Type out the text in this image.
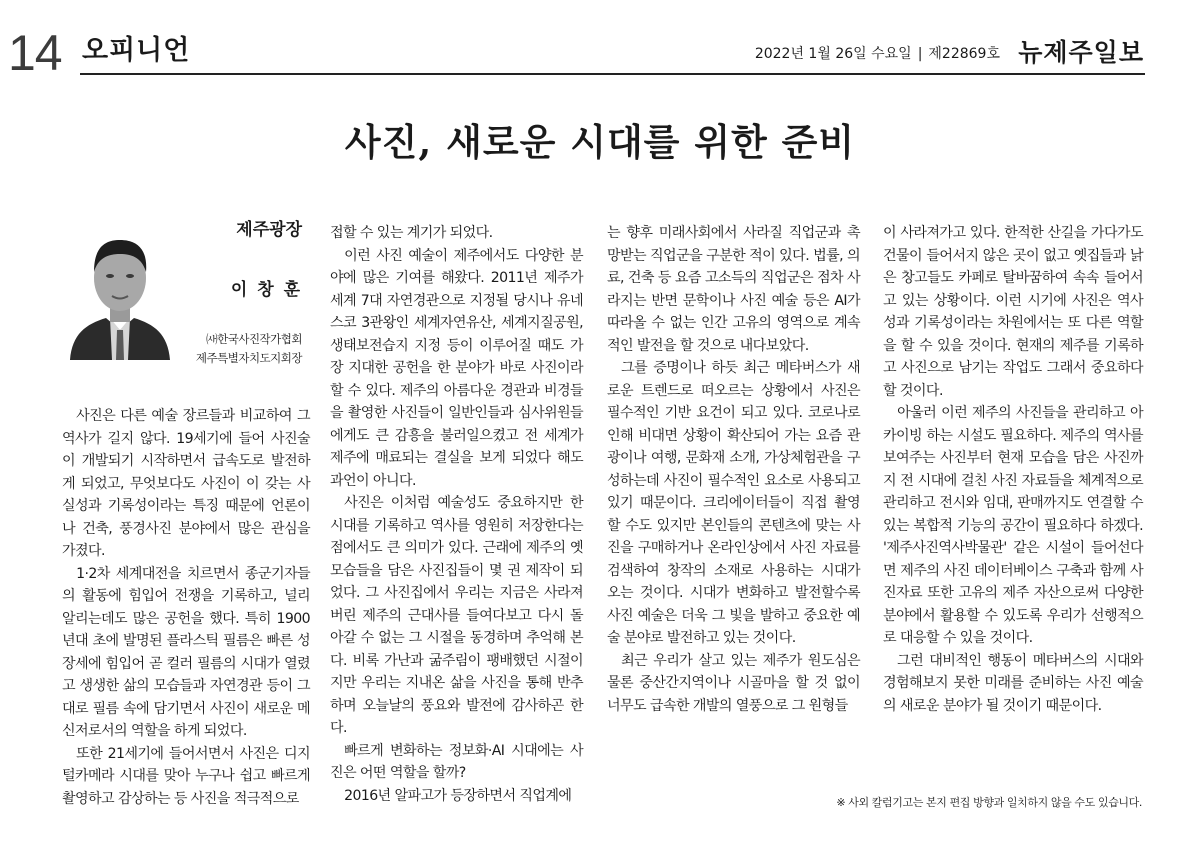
14 오피니언	2022년 1월 26일 수요일 | 제22869호 뉴제주일보
사진, 새로운 시대를 위한 준비
제주광장
이 창 훈
㈔한국사진작가협회
제주특별자치도지회장

사진은 다른 예술 장르들과 비교하여 그 역사가 길지 않다. 19세기에 들어 사진술이 개발되기 시작하면서 급속도로 발전하게 되었고, 무엇보다도 사진이 이 갖는 사실성과 기록성이라는 특징 때문에 언론이나 건축, 풍경사진 분야에서 많은 관심을 가졌다.

1·2차 세계대전을 치르면서 종군기자들의 활동에 힘입어 전쟁을 기록하고, 널리 알리는데도 많은 공헌을 했다. 특히 1900년대 초에 발명된 플라스틱 필름은 빠른 성장세에 힘입어 곧 컬러 필름의 시대가 열렸고 생생한 삶의 모습들과 자연경관 등이 그대로 필름 속에 담기면서 사진이 새로운 메신저로서의 역할을 하게 되었다.

또한 21세기에 들어서면서 사진은 디지털카메라 시대를 맞아 누구나 쉽고 빠르게 촬영하고 감상하는 등 사진을 적극적으로

접할 수 있는 계기가 되었다.

이런 사진 예술이 제주에서도 다양한 분야에 많은 기여를 해왔다. 2011년 제주가 세계 7대 자연경관으로 지정될 당시나 유네스코 3관왕인 세계자연유산, 세계지질공원, 생태보전습지 지정 등이 이루어질 때도 가장 지대한 공헌을 한 분야가 바로 사진이라 할 수 있다. 제주의 아름다운 경관과 비경들을 촬영한 사진들이 일반인들과 심사위원들에게도 큰 감흥을 불러일으켰고 전 세계가 제주에 매료되는 결실을 보게 되었다 해도 과언이 아니다.

사진은 이처럼 예술성도 중요하지만 한 시대를 기록하고 역사를 영원히 저장한다는 점에서도 큰 의미가 있다. 근래에 제주의 옛 모습들을 담은 사진집들이 몇 권 제작이 되었다. 그 사진집에서 우리는 지금은 사라져버린 제주의 근대사를 들여다보고 다시 돌아갈 수 없는 그 시절을 동경하며 추억해 본다. 비록 가난과 굶주림이 팽배했던 시절이지만 우리는 지내온 삶을 사진을 통해 반추하며 오늘날의 풍요와 발전에 감사하곤 한다.

빠르게 변화하는 정보화·AI 시대에는 사진은 어떤 역할을 할까?

2016년 알파고가 등장하면서 직업계에

는 향후 미래사회에서 사라질 직업군과 촉망받는 직업군을 구분한 적이 있다. 법률, 의료, 건축 등 요즘 고소득의 직업군은 점차 사라지는 반면 문학이나 사진 예술 등은 AI가 따라올 수 없는 인간 고유의 영역으로 계속적인 발전을 할 것으로 내다보았다.

그를 증명이나 하듯 최근 메타버스가 새로운 트렌드로 떠오르는 상황에서 사진은 필수적인 기반 요건이 되고 있다. 코로나로 인해 비대면 상황이 확산되어 가는 요즘 관광이나 여행, 문화재 소개, 가상체험관을 구성하는데 사진이 필수적인 요소로 사용되고 있기 때문이다. 크리에이터들이 직접 촬영할 수도 있지만 본인들의 콘텐츠에 맞는 사진을 구매하거나 온라인상에서 사진 자료를 검색하여 창작의 소재로 사용하는 시대가 오는 것이다. 시대가 변화하고 발전할수록 사진 예술은 더욱 그 빛을 발하고 중요한 예술 분야로 발전하고 있는 것이다.

최근 우리가 살고 있는 제주가 원도심은 물론 중산간지역이나 시골마을 할 것 없이 너무도 급속한 개발의 열풍으로 그 원형들

이 사라져가고 있다. 한적한 산길을 가다가도 건물이 들어서지 않은 곳이 없고 옛집들과 낡은 창고들도 카페로 탈바꿈하여 속속 들어서고 있는 상황이다. 이런 시기에 사진은 역사성과 기록성이라는 차원에서는 또 다른 역할을 할 수 있을 것이다. 현재의 제주를 기록하고 사진으로 남기는 작업도 그래서 중요하다 할 것이다.

아울러 이런 제주의 사진들을 관리하고 아카이빙 하는 시설도 필요하다. 제주의 역사를 보여주는 사진부터 현재 모습을 담은 사진까지 전 시대에 걸친 사진 자료들을 체계적으로 관리하고 전시와 임대, 판매까지도 연결할 수 있는 복합적 기능의 공간이 필요하다 하겠다. '제주사진역사박물관' 같은 시설이 들어선다면 제주의 사진 데이터베이스 구축과 함께 사진자료 또한 고유의 제주 자산으로써 다양한 분야에서 활용할 수 있도록 우리가 선행적으로 대응할 수 있을 것이다.

그런 대비적인 행동이 메타버스의 시대와 경험해보지 못한 미래를 준비하는 사진 예술의 새로운 분야가 될 것이기 때문이다.

※ 사외 칼럼기고는 본지 편집 방향과 일치하지 않을 수도 있습니다.
